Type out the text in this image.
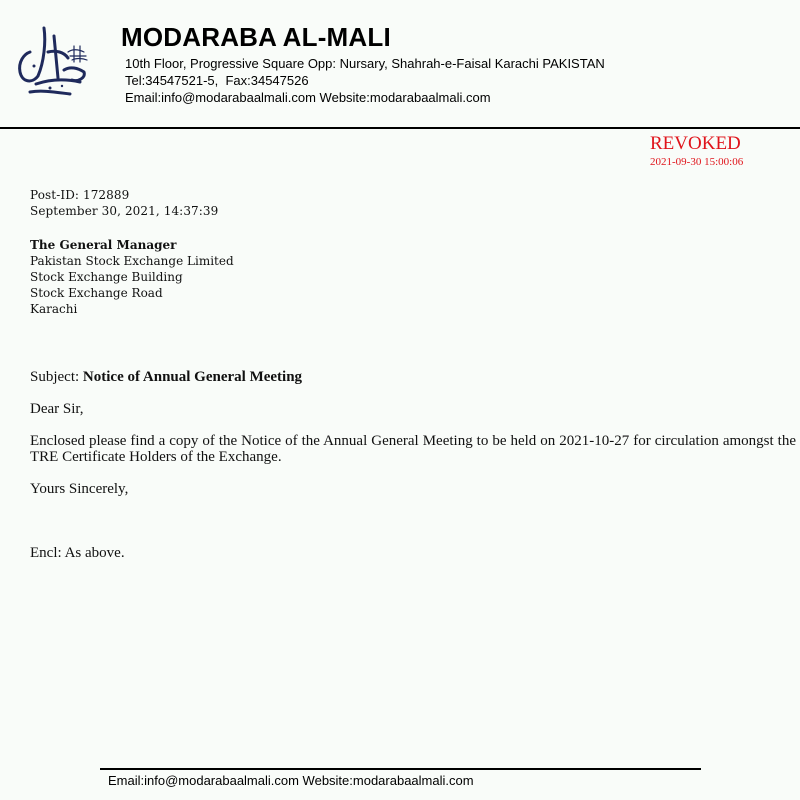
MODARABA AL-MALI
10th Floor, Progressive Square Opp: Nursary, Shahrah-e-Faisal Karachi PAKISTAN
Tel:34547521-5,  Fax:34547526
Email:info@modarabaalmali.com Website:modarabaalmali.com
REVOKED
2021-09-30 15:00:06
Post-ID: 172889
September 30, 2021, 14:37:39
The General Manager
Pakistan Stock Exchange Limited
Stock Exchange Building
Stock Exchange Road
Karachi
Subject: Notice of Annual General Meeting
Dear Sir,
Enclosed please find a copy of the Notice of the Annual General Meeting to be held on 2021-10-27 for circulation amongst the TRE Certificate Holders of the Exchange.
Yours Sincerely,
Encl: As above.
Email:info@modarabaalmali.com Website:modarabaalmali.com
